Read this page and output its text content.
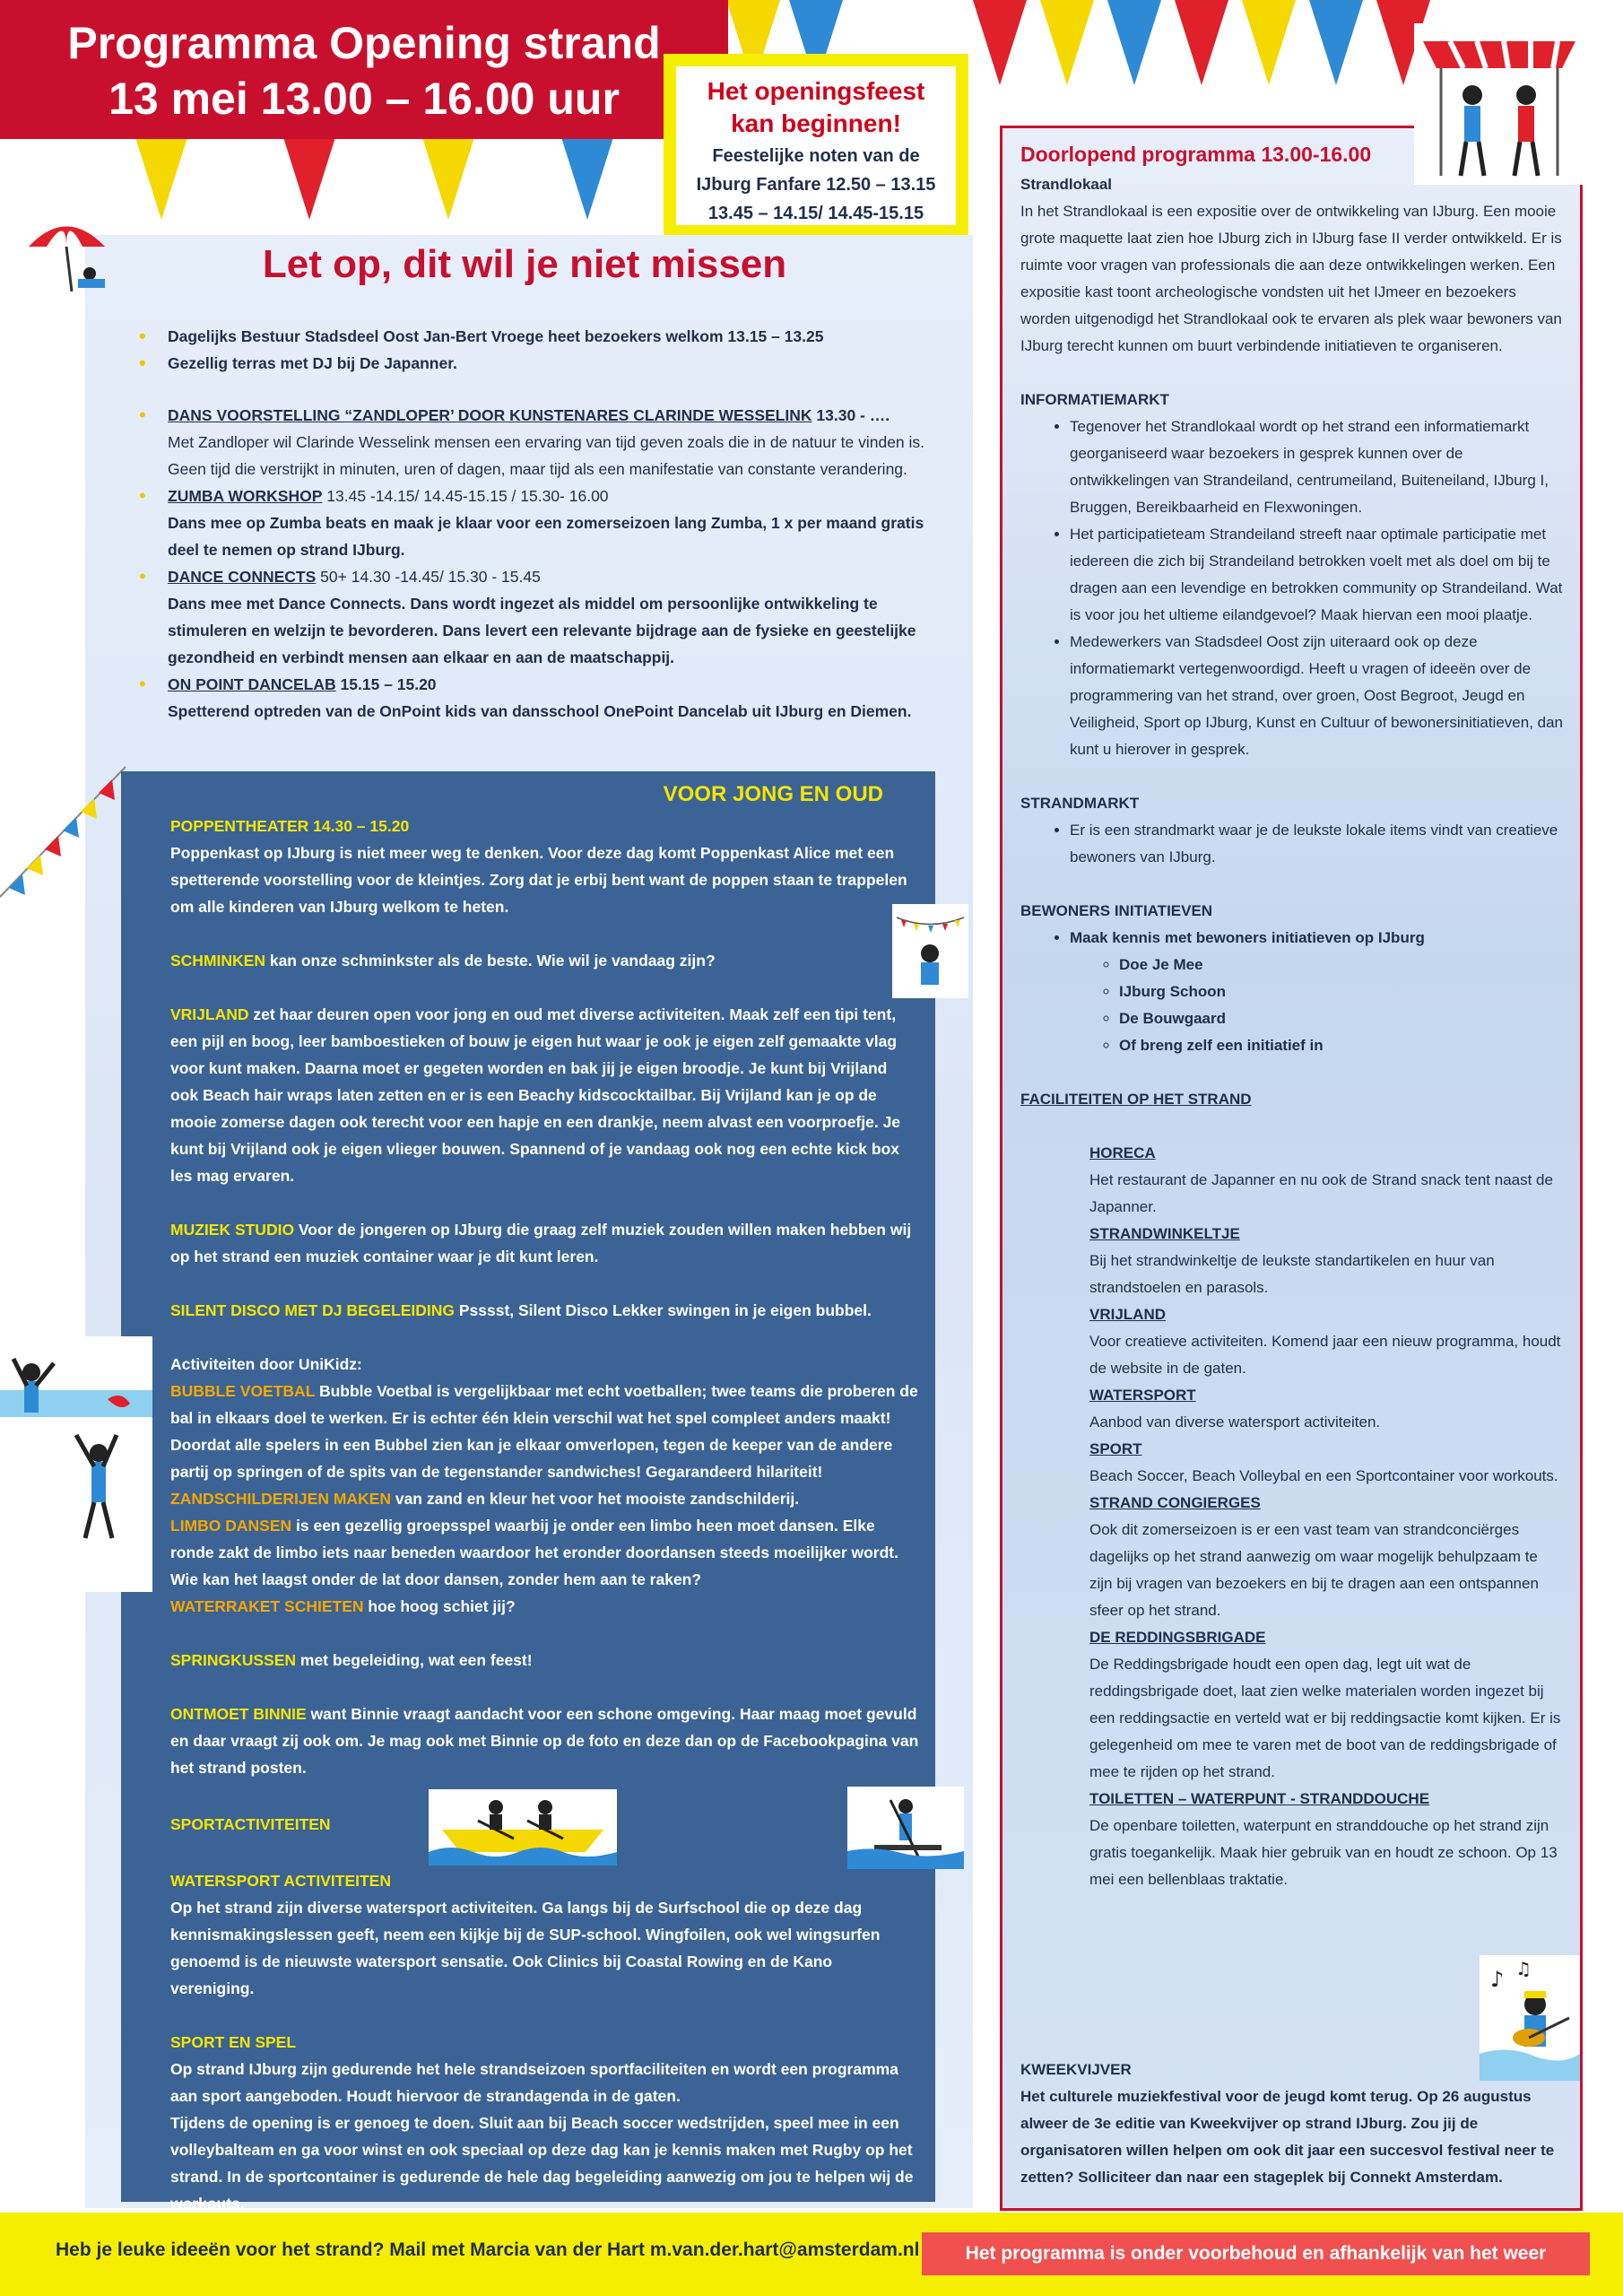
Programma Opening strand
13 mei 13.00 – 16.00 uur	Het openingsfeest
kan beginnen!
Feestelijke noten van de
IJburg Fanfare 12.50 – 13.15
13.45 – 14.15/ 14.45-15.15
Let op, dit wil je niet missen
• Dagelijks Bestuur Stadsdeel Oost Jan-Bert Vroege heet bezoekers welkom 13.15 – 13.25
• Gezellig terras met DJ bij De Japanner.
• DANS VOORSTELLING “ZANDLOPER’ DOOR KUNSTENARES CLARINDE WESSELINK 13.30 - ….
Met Zandloper wil Clarinde Wesselink mensen een ervaring van tijd geven zoals die in de natuur te vinden is. Geen tijd die verstrijkt in minuten, uren of dagen, maar tijd als een manifestatie van constante verandering.
• ZUMBA WORKSHOP 13.45 -14.15/ 14.45-15.15 / 15.30- 16.00
Dans mee op Zumba beats en maak je klaar voor een zomerseizoen lang Zumba, 1 x per maand gratis deel te nemen op strand IJburg.
• DANCE CONNECTS 50+ 14.30 -14.45/ 15.30 - 15.45
Dans mee met Dance Connects. Dans wordt ingezet als middel om persoonlijke ontwikkeling te stimuleren en welzijn te bevorderen. Dans levert een relevante bijdrage aan de fysieke en geestelijke gezondheid en verbindt mensen aan elkaar en aan de maatschappij.
• ON POINT DANCELAB 15.15 – 15.20
Spetterend optreden van de OnPoint kids van dansschool OnePoint Dancelab uit IJburg en Diemen.
VOOR JONG EN OUD
POPPENTHEATER 14.30 – 15.20
Poppenkast op IJburg is niet meer weg te denken. Voor deze dag komt Poppenkast Alice met een spetterende voorstelling voor de kleintjes. Zorg dat je erbij bent want de poppen staan te trappelen om alle kinderen van IJburg welkom te heten.
SCHMINKEN kan onze schminkster als de beste. Wie wil je vandaag zijn?
VRIJLAND zet haar deuren open voor jong en oud met diverse activiteiten. Maak zelf een tipi tent, een pijl en boog, leer bamboestieken of bouw je eigen hut waar je ook je eigen zelf gemaakte vlag voor kunt maken. Daarna moet er gegeten worden en bak jij je eigen broodje. Je kunt bij Vrijland ook Beach hair wraps laten zetten en er is een Beachy kidscocktailbar. Bij Vrijland kan je op de mooie zomerse dagen ook terecht voor een hapje en een drankje, neem alvast een voorproefje. Je kunt bij Vrijland ook je eigen vlieger bouwen. Spannend of je vandaag ook nog een echte kick box les mag ervaren.
MUZIEK STUDIO Voor de jongeren op IJburg die graag zelf muziek zouden willen maken hebben wij op het strand een muziek container waar je dit kunt leren.
SILENT DISCO MET DJ BEGELEIDING Psssst, Silent Disco Lekker swingen in je eigen bubbel.
Activiteiten door UniKidz:
BUBBLE VOETBAL Bubble Voetbal is vergelijkbaar met echt voetballen; twee teams die proberen de bal in elkaars doel te werken. Er is echter één klein verschil wat het spel compleet anders maakt! Doordat alle spelers in een Bubbel zien kan je elkaar omverlopen, tegen de keeper van de andere partij op springen of de spits van de tegenstander sandwiches! Gegarandeerd hilariteit!
ZANDSCHILDERIJEN MAKEN van zand en kleur het voor het mooiste zandschilderij.
LIMBO DANSEN is een gezellig groepsspel waarbij je onder een limbo heen moet dansen. Elke ronde zakt de limbo iets naar beneden waardoor het eronder doordansen steeds moeilijker wordt. Wie kan het laagst onder de lat door dansen, zonder hem aan te raken?
WATERRAKET SCHIETEN hoe hoog schiet jij?
SPRINGKUSSEN met begeleiding, wat een feest!
ONTMOET BINNIE want Binnie vraagt aandacht voor een schone omgeving. Haar maag moet gevuld en daar vraagt zij ook om. Je mag ook met Binnie op de foto en deze dan op de Facebookpagina van het strand posten.
SPORTACTIVITEITEN
WATERSPORT ACTIVITEITEN
Op het strand zijn diverse watersport activiteiten. Ga langs bij de Surfschool die op deze dag kennismakingslessen geeft, neem een kijkje bij de SUP-school. Wingfoilen, ook wel wingsurfen genoemd is de nieuwste watersport sensatie. Ook Clinics bij Coastal Rowing en de Kano vereniging.
SPORT EN SPEL
Op strand IJburg zijn gedurende het hele strandseizoen sportfaciliteiten en wordt een programma aan sport aangeboden. Houdt hiervoor de strandagenda in de gaten.
Tijdens de opening is er genoeg te doen. Sluit aan bij Beach soccer wedstrijden, speel mee in een volleybalteam en ga voor winst en ook speciaal op deze dag kan je kennis maken met Rugby op het strand. In de sportcontainer is gedurende de hele dag begeleiding aanwezig om jou te helpen wij de workouts.
Doorlopend programma 13.00-16.00
Strandlokaal
In het Strandlokaal is een expositie over de ontwikkeling van IJburg. Een mooie grote maquette laat zien hoe IJburg zich in IJburg fase II verder ontwikkeld. Er is ruimte voor vragen van professionals die aan deze ontwikkelingen werken. Een expositie kast toont archeologische vondsten uit het IJmeer en bezoekers worden uitgenodigd het Strandlokaal ook te ervaren als plek waar bewoners van IJburg terecht kunnen om buurt verbindende initiatieven te organiseren.
INFORMATIEMARKT
• Tegenover het Strandlokaal wordt op het strand een informatiemarkt georganiseerd waar bezoekers in gesprek kunnen over de ontwikkelingen van Strandeiland, centrumeiland, Buiteneiland, IJburg I, Bruggen, Bereikbaarheid en Flexwoningen.
• Het participatieteam Strandeiland streeft naar optimale participatie met iedereen die zich bij Strandeiland betrokken voelt met als doel om bij te dragen aan een levendige en betrokken community op Strandeiland. Wat is voor jou het ultieme eilandgevoel? Maak hiervan een mooi plaatje.
• Medewerkers van Stadsdeel Oost zijn uiteraard ook op deze informatiemarkt vertegenwoordigd. Heeft u vragen of ideeën over de programmering van het strand, over groen, Oost Begroot, Jeugd en Veiligheid, Sport op IJburg, Kunst en Cultuur of bewonersinitiatieven, dan kunt u hierover in gesprek.
STRANDMARKT
• Er is een strandmarkt waar je de leukste lokale items vindt van creatieve bewoners van IJburg.
BEWONERS INITIATIEVEN
• Maak kennis met bewoners initiatieven op IJburg
◦ Doe Je Mee
◦ IJburg Schoon
◦ De Bouwgaard
◦ Of breng zelf een initiatief in
FACILITEITEN OP HET STRAND
HORECA
Het restaurant de Japanner en nu ook de Strand snack tent naast de Japanner.
STRANDWINKELTJE
Bij het strandwinkeltje de leukste standartikelen en huur van strandstoelen en parasols.
VRIJLAND
Voor creatieve activiteiten. Komend jaar een nieuw programma, houdt de website in de gaten.
WATERSPORT
Aanbod van diverse watersport activiteiten.
SPORT
Beach Soccer, Beach Volleybal en een Sportcontainer voor workouts.
STRAND CONGIERGES
Ook dit zomerseizoen is er een vast team van strandconciërges dagelijks op het strand aanwezig om waar mogelijk behulpzaam te zijn bij vragen van bezoekers en bij te dragen aan een ontspannen sfeer op het strand.
DE REDDINGSBRIGADE
De Reddingsbrigade houdt een open dag, legt uit wat de reddingsbrigade doet, laat zien welke materialen worden ingezet bij een reddingsactie en verteld wat er bij reddingsactie komt kijken. Er is gelegenheid om mee te varen met de boot van de reddingsbrigade of mee te rijden op het strand.
TOILETTEN – WATERPUNT - STRANDDOUCHE
De openbare toiletten, waterpunt en stranddouche op het strand zijn gratis toegankelijk. Maak hier gebruik van en houdt ze schoon. Op 13 mei een bellenblaas traktatie.
KWEEKVIJVER
Het culturele muziekfestival voor de jeugd komt terug. Op 26 augustus alweer de 3e editie van Kweekvijver op strand IJburg. Zou jij de organisatoren willen helpen om ook dit jaar een succesvol festival neer te zetten? Solliciteer dan naar een stageplek bij Connekt Amsterdam.
♪ ♫
Heb je leuke ideeën voor het strand? Mail met Marcia van der Hart m.van.der.hart@amsterdam.nl	Het programma is onder voorbehoud en afhankelijk van het weer
